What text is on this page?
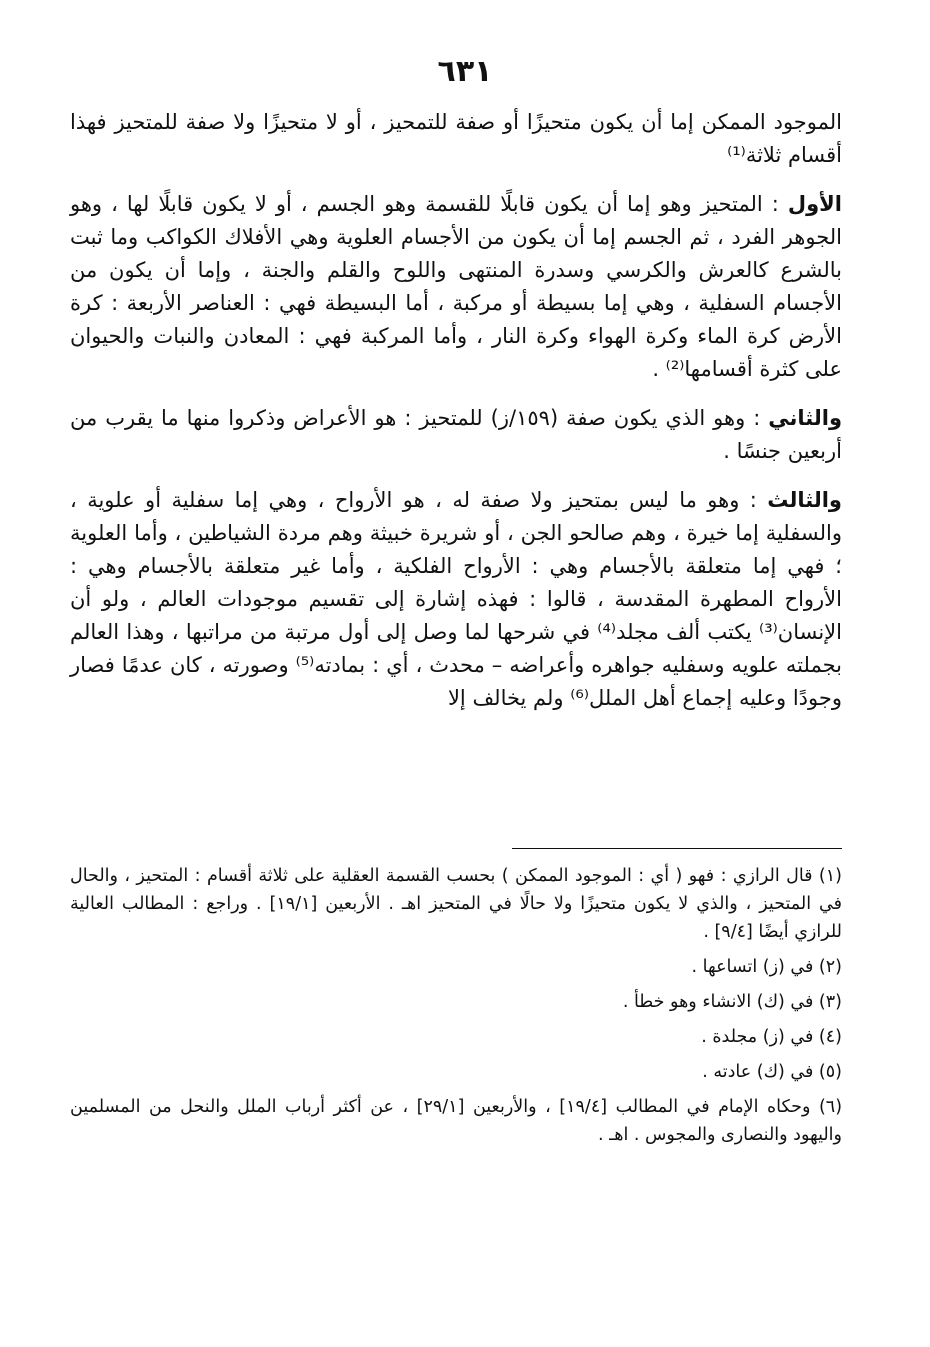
٦٣١

الموجود الممكن إما أن يكون متحيزًا أو صفة للتمحيز ، أو لا متحيزًا ولا صفة للمتحيز فهذا أقسام ثلاثة⁽¹⁾

الأول : المتحيز وهو إما أن يكون قابلًا للقسمة وهو الجسم ، أو لا يكون قابلًا لها ، وهو الجوهر الفرد ، ثم الجسم إما أن يكون من الأجسام العلوية وهي الأفلاك الكواكب وما ثبت بالشرع كالعرش والكرسي وسدرة المنتهى واللوح والقلم والجنة ، وإما أن يكون من الأجسام السفلية ، وهي إما بسيطة أو مركبة ، أما البسيطة فهي : العناصر الأربعة : كرة الأرض كرة الماء وكرة الهواء وكرة النار ، وأما المركبة فهي : المعادن والنبات والحيوان على كثرة أقسامها⁽²⁾ .

والثاني : وهو الذي يكون صفة (١٥٩/ز) للمتحيز : هو الأعراض وذكروا منها ما يقرب من أربعين جنسًا .

والثالث : وهو ما ليس بمتحيز ولا صفة له ، هو الأرواح ، وهي إما سفلية أو علوية ، والسفلية إما خيرة ، وهم صالحو الجن ، أو شريرة خبيثة وهم مردة الشياطين ، وأما العلوية ؛ فهي إما متعلقة بالأجسام وهي : الأرواح الفلكية ، وأما غير متعلقة بالأجسام وهي : الأرواح المطهرة المقدسة ، قالوا : فهذه إشارة إلى تقسيم موجودات العالم ، ولو أن الإنسان⁽³⁾ يكتب ألف مجلد⁽⁴⁾ في شرحها لما وصل إلى أول مرتبة من مراتبها ، وهذا العالم بجملته علويه وسفليه جواهره وأعراضه – محدث ، أي : بمادته⁽⁵⁾ وصورته ، كان عدمًا فصار وجودًا وعليه إجماع أهل الملل⁽⁶⁾ ولم يخالف إلا

(١) قال الرازي : فهو ( أي : الموجود الممكن ) بحسب القسمة العقلية على ثلاثة أقسام : المتحيز ، والحال في المتحيز ، والذي لا يكون متحيزًا ولا حالًا في المتحيز اهـ . الأربعين [١٩/١] . وراجع : المطالب العالية للرازي أيضًا [٩/٤] .

(٢) في (ز) اتساعها .

(٣) في (ك) الانشاء وهو خطأ .

(٤) في (ز) مجلدة .

(٥) في (ك) عادته .

(٦) وحكاه الإمام في المطالب [١٩/٤] ، والأربعين [٢٩/١] ، عن أكثر أرباب الملل والنحل من المسلمين واليهود والنصارى والمجوس . اهـ .
